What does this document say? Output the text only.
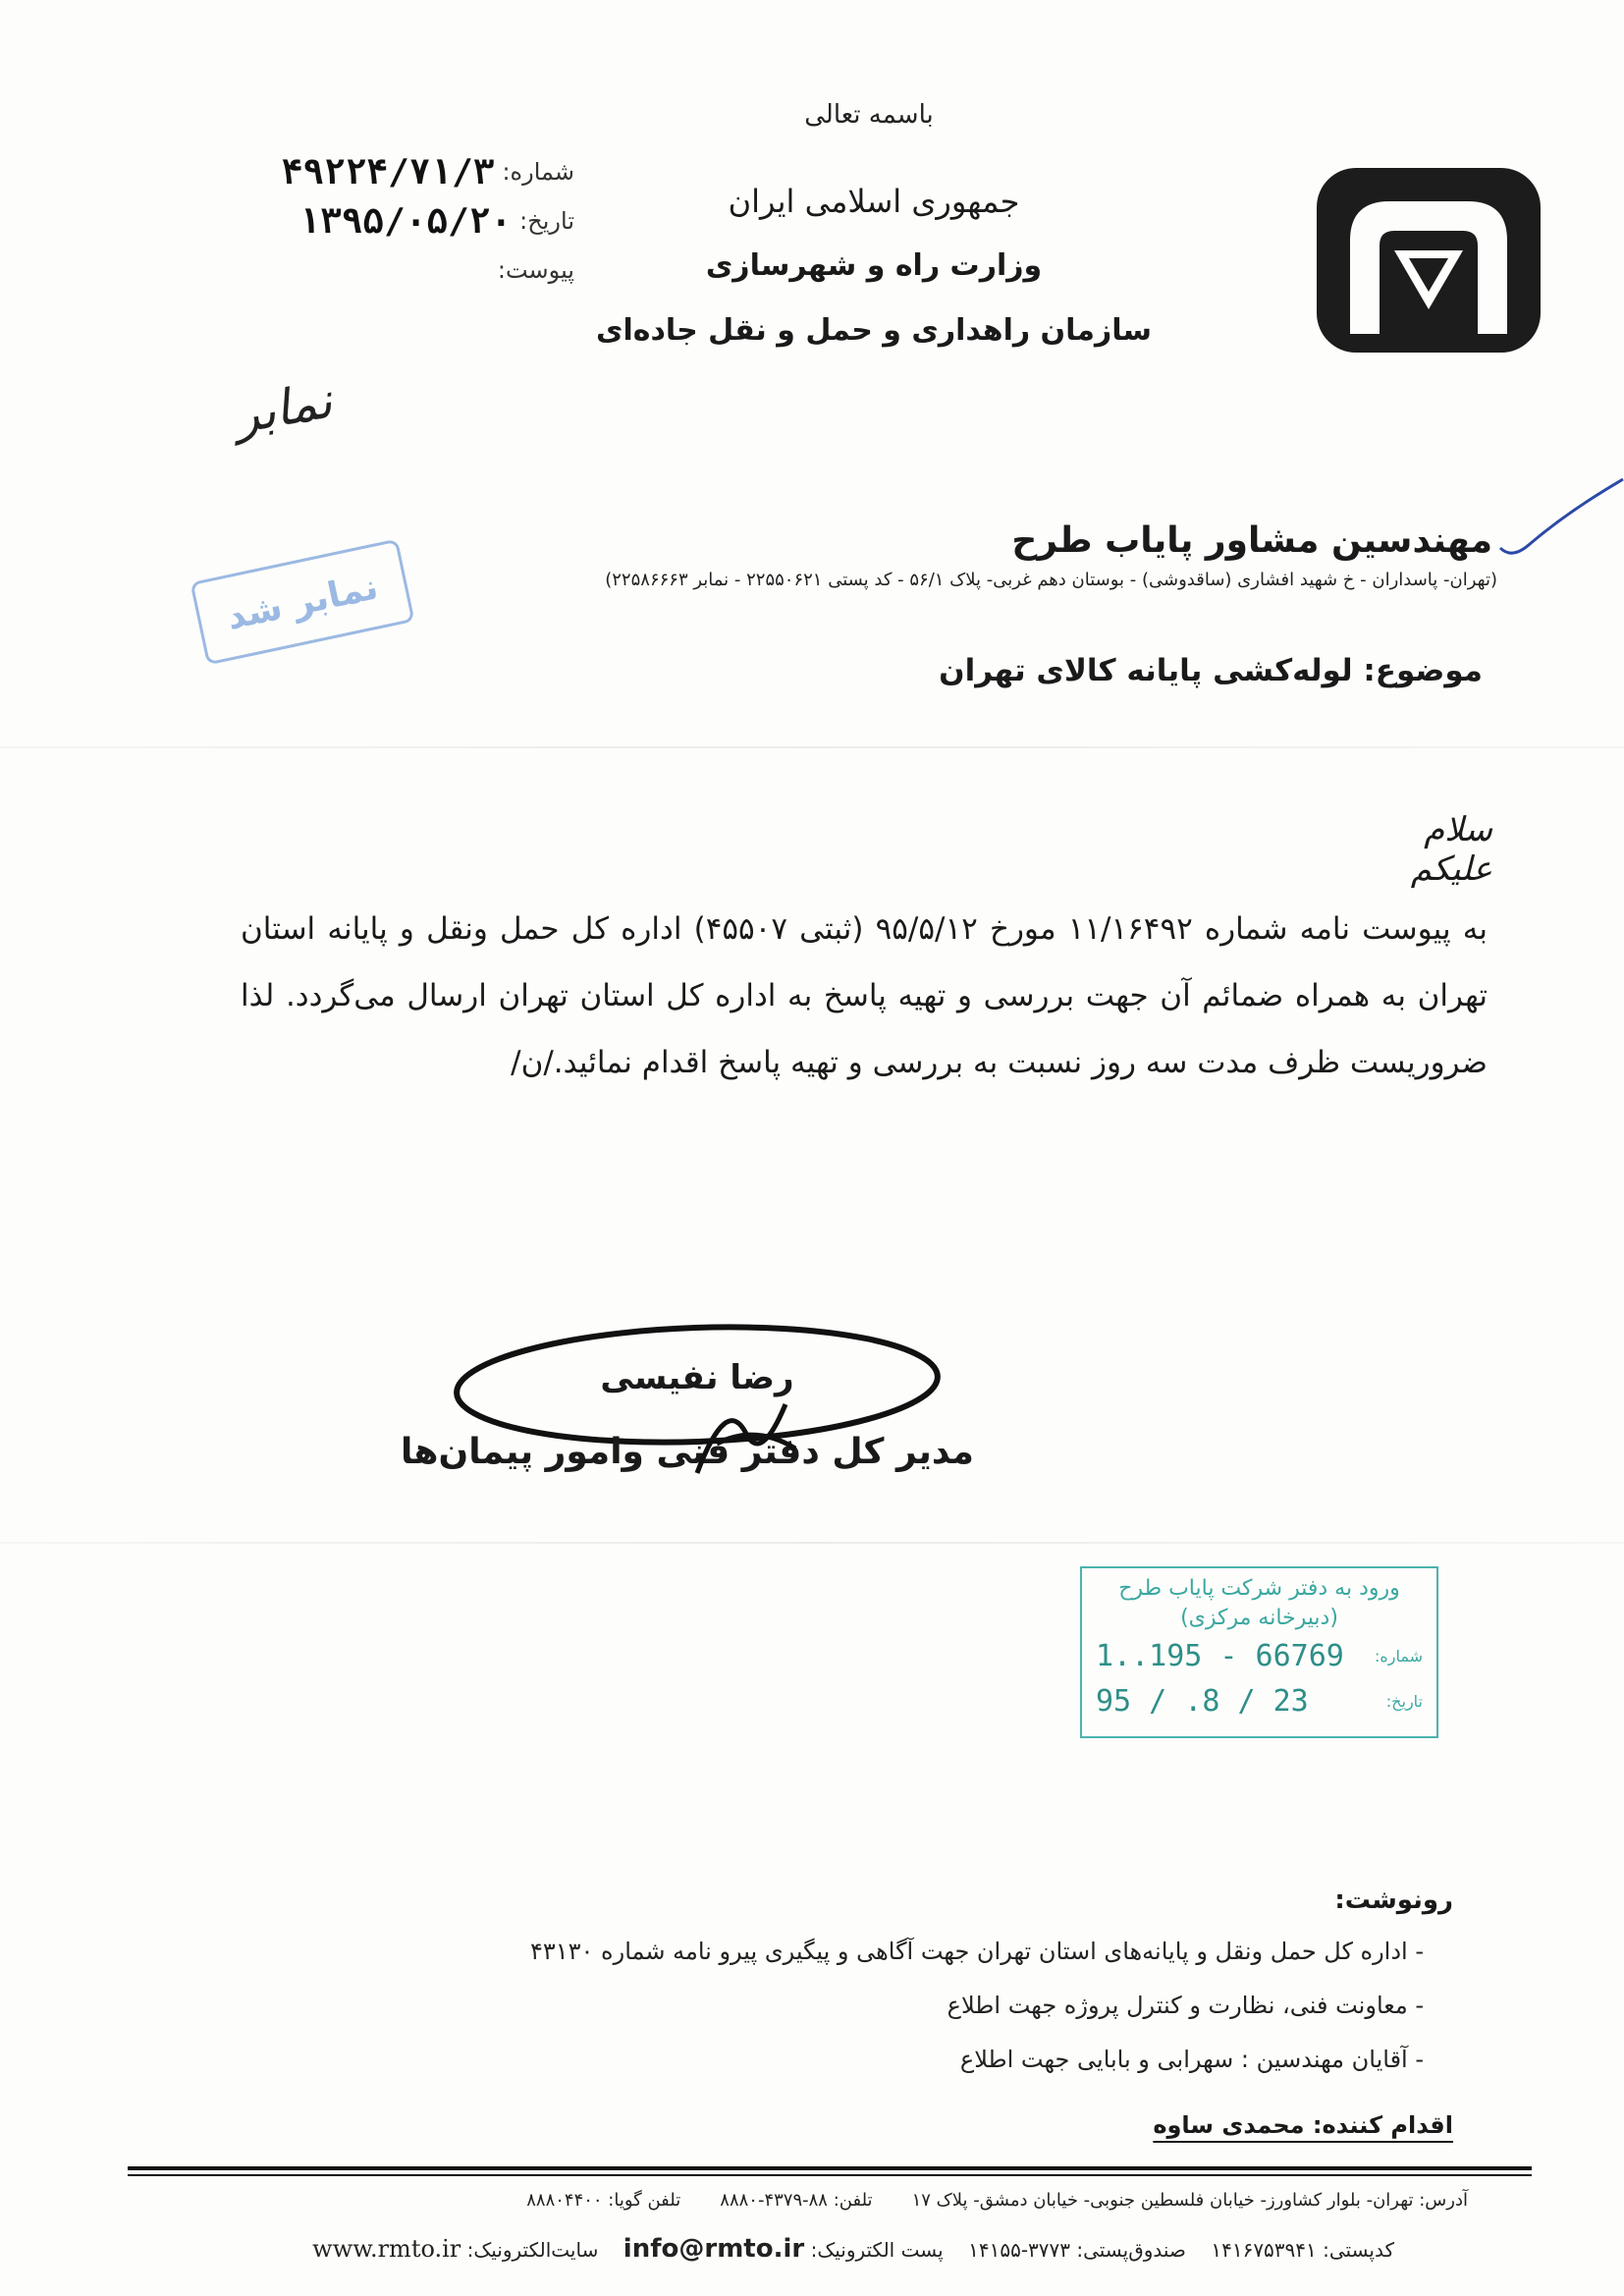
باسمه تعالی
جمهوری اسلامی ایران
وزارت راه و شهرسازی
سازمان راهداری و حمل و نقل جاده‌ای
شماره:
۴۹۲۲۴/۷۱/۳
تاریخ:
۱۳۹۵/۰۵/۲۰
پیوست:
نمابر
مهندسین مشاور پایاب طرح
(تهران- پاسداران - خ شهید افشاری (ساقدوشی) - بوستان دهم غربی- پلاک ۵۶/۱ - کد پستی ۲۲۵۵۰۶۲۱ - نمابر ۲۲۵۸۶۶۶۳)
نمابر شد
موضوع: لوله‌کشی پایانه کالای تهران
سلام علیکم
به پیوست نامه شماره ۱۱/۱۶۴۹۲ مورخ ۹۵/۵/۱۲ (ثبتی ۴۵۵۰۷) اداره کل حمل ونقل و پایانه استان تهران به همراه ضمائم آن جهت بررسی و تهیه پاسخ به اداره کل استان تهران ارسال می‌گردد. لذا ضروریست ظرف مدت سه روز نسبت به بررسی و تهیه پاسخ اقدام نمائید./ن/
رضا نفیسی
مدیر کل دفتر فنی وامور پیمان‌ها
ورود به دفتر شرکت پایاب طرح
(دبیرخانه مرکزی)
شماره:
1..195 - 66769
تاریخ:
95 / .8 / 23
رونوشت:
- اداره کل حمل ونقل و پایانه‌های استان تهران جهت آگاهی و پیگیری پیرو نامه شماره ۴۳۱۳۰
- معاونت فنی، نظارت و کنترل پروژه جهت اطلاع
- آقایان مهندسین : سهرابی و بابایی جهت اطلاع
اقدام کننده: محمدی ساوه
آدرس: تهران- بلوار کشاورز- خیابان فلسطین جنوبی- خیابان دمشق- پلاک ۱۷       تلفن: ۸۸-۴۳۷۹-۸۸۸۰       تلفن گویا: ۸۸۸۰۴۴۰۰
کدپستی: ۱۴۱۶۷۵۳۹۴۱    صندوق‌پستی: ۳۷۷۳-۱۴۱۵۵    پست الکترونیک: info@rmto.ir    سایت‌الکترونیک: www.rmto.ir
